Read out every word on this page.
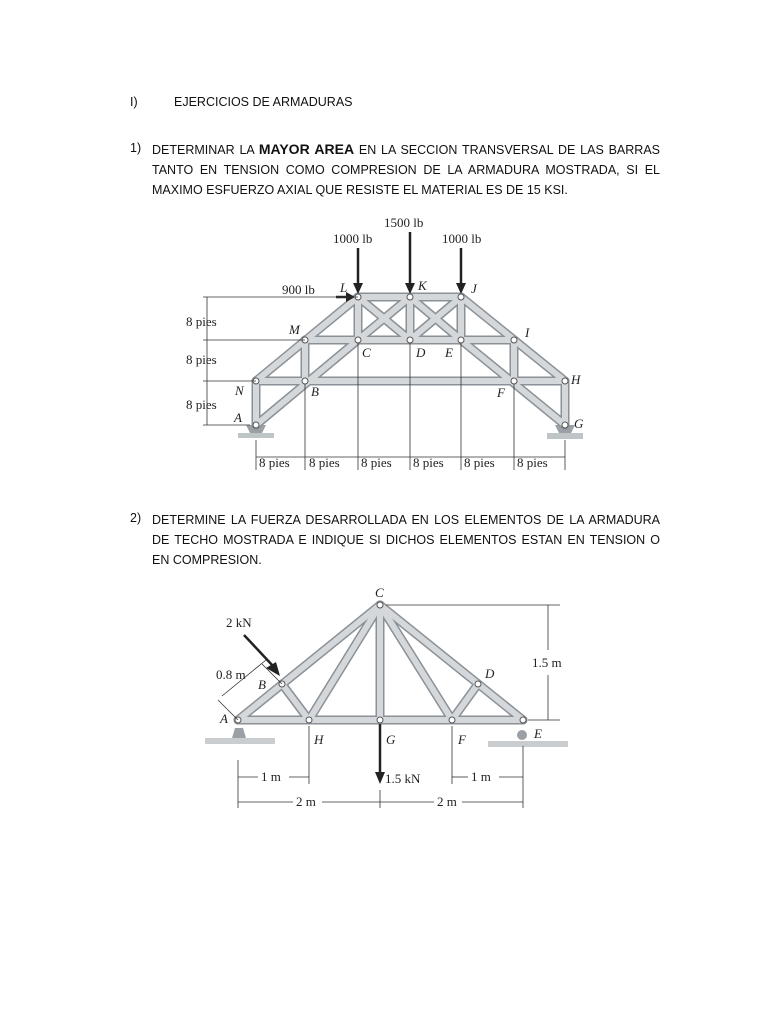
I)	EJERCICIOS DE ARMADURAS
1) DETERMINAR LA MAYOR AREA EN LA SECCION TRANSVERSAL DE LAS BARRAS TANTO EN TENSION COMO COMPRESION DE LA ARMADURA MOSTRADA, SI EL MAXIMO ESFUERZO AXIAL QUE RESISTE EL MATERIAL ES DE 15 KSI.
900 lb
1000 lb
1500 lb
1000 lb
L	K	J
M	I
C	D E
N	B	F
H
A	G
8 pies
8 pies
8 pies
8 pies 8 pies 8 pies 8 pies 8 pies 8 pies
2) DETERMINE LA FUERZA DESARROLLADA EN LOS ELEMENTOS DE LA ARMADURA DE TECHO MOSTRADA E INDIQUE SI DICHOS ELEMENTOS ESTAN EN TENSION O EN COMPRESION.
2 kN
0.8 m
1.5 kN
1.5 m
C
B
D
A
H	G	F	E
1 m	1 m
2 m	2 m
